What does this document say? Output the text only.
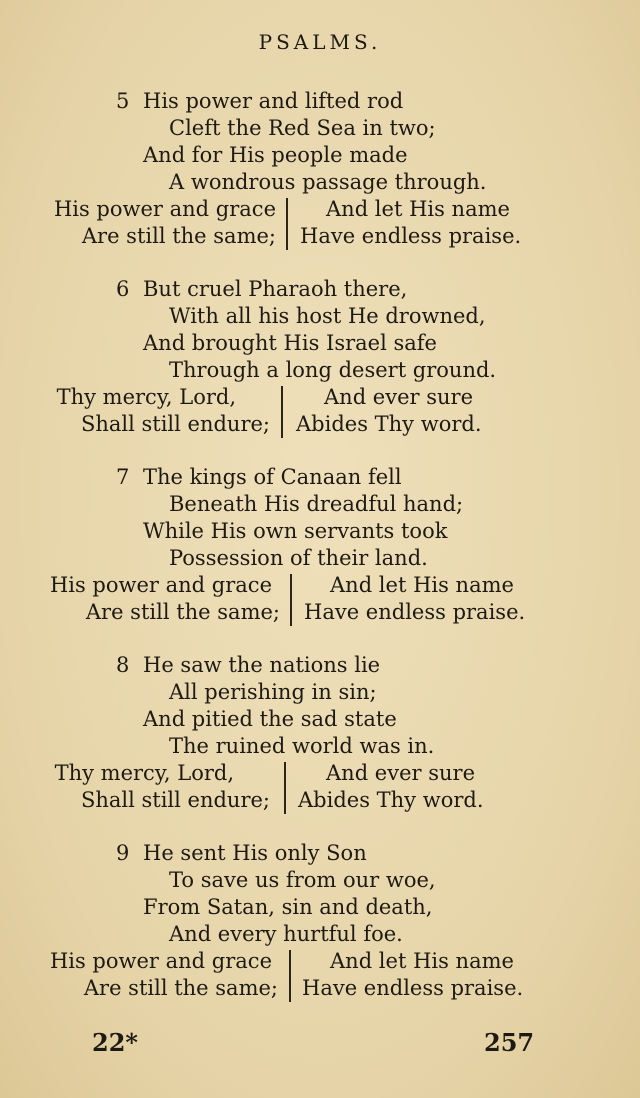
PSALMS.
5 His power and lifted rod
Cleft the Red Sea in two;
And for His people made
A wondrous passage through.
His power and grace
Are still the same;
And let His name
Have endless praise.
6 But cruel Pharaoh there,
With all his host He drowned,
And brought His Israel safe
Through a long desert ground.
Thy mercy, Lord,
Shall still endure;
And ever sure
Abides Thy word.
7 The kings of Canaan fell
Beneath His dreadful hand;
While His own servants took
Possession of their land.
His power and grace
Are still the same;
And let His name
Have endless praise.
8 He saw the nations lie
All perishing in sin;
And pitied the sad state
The ruined world was in.
Thy mercy, Lord,
Shall still endure;
And ever sure
Abides Thy word.
9 He sent His only Son
To save us from our woe,
From Satan, sin and death,
And every hurtful foe.
His power and grace
Are still the same;
And let His name
Have endless praise.
22*	257
